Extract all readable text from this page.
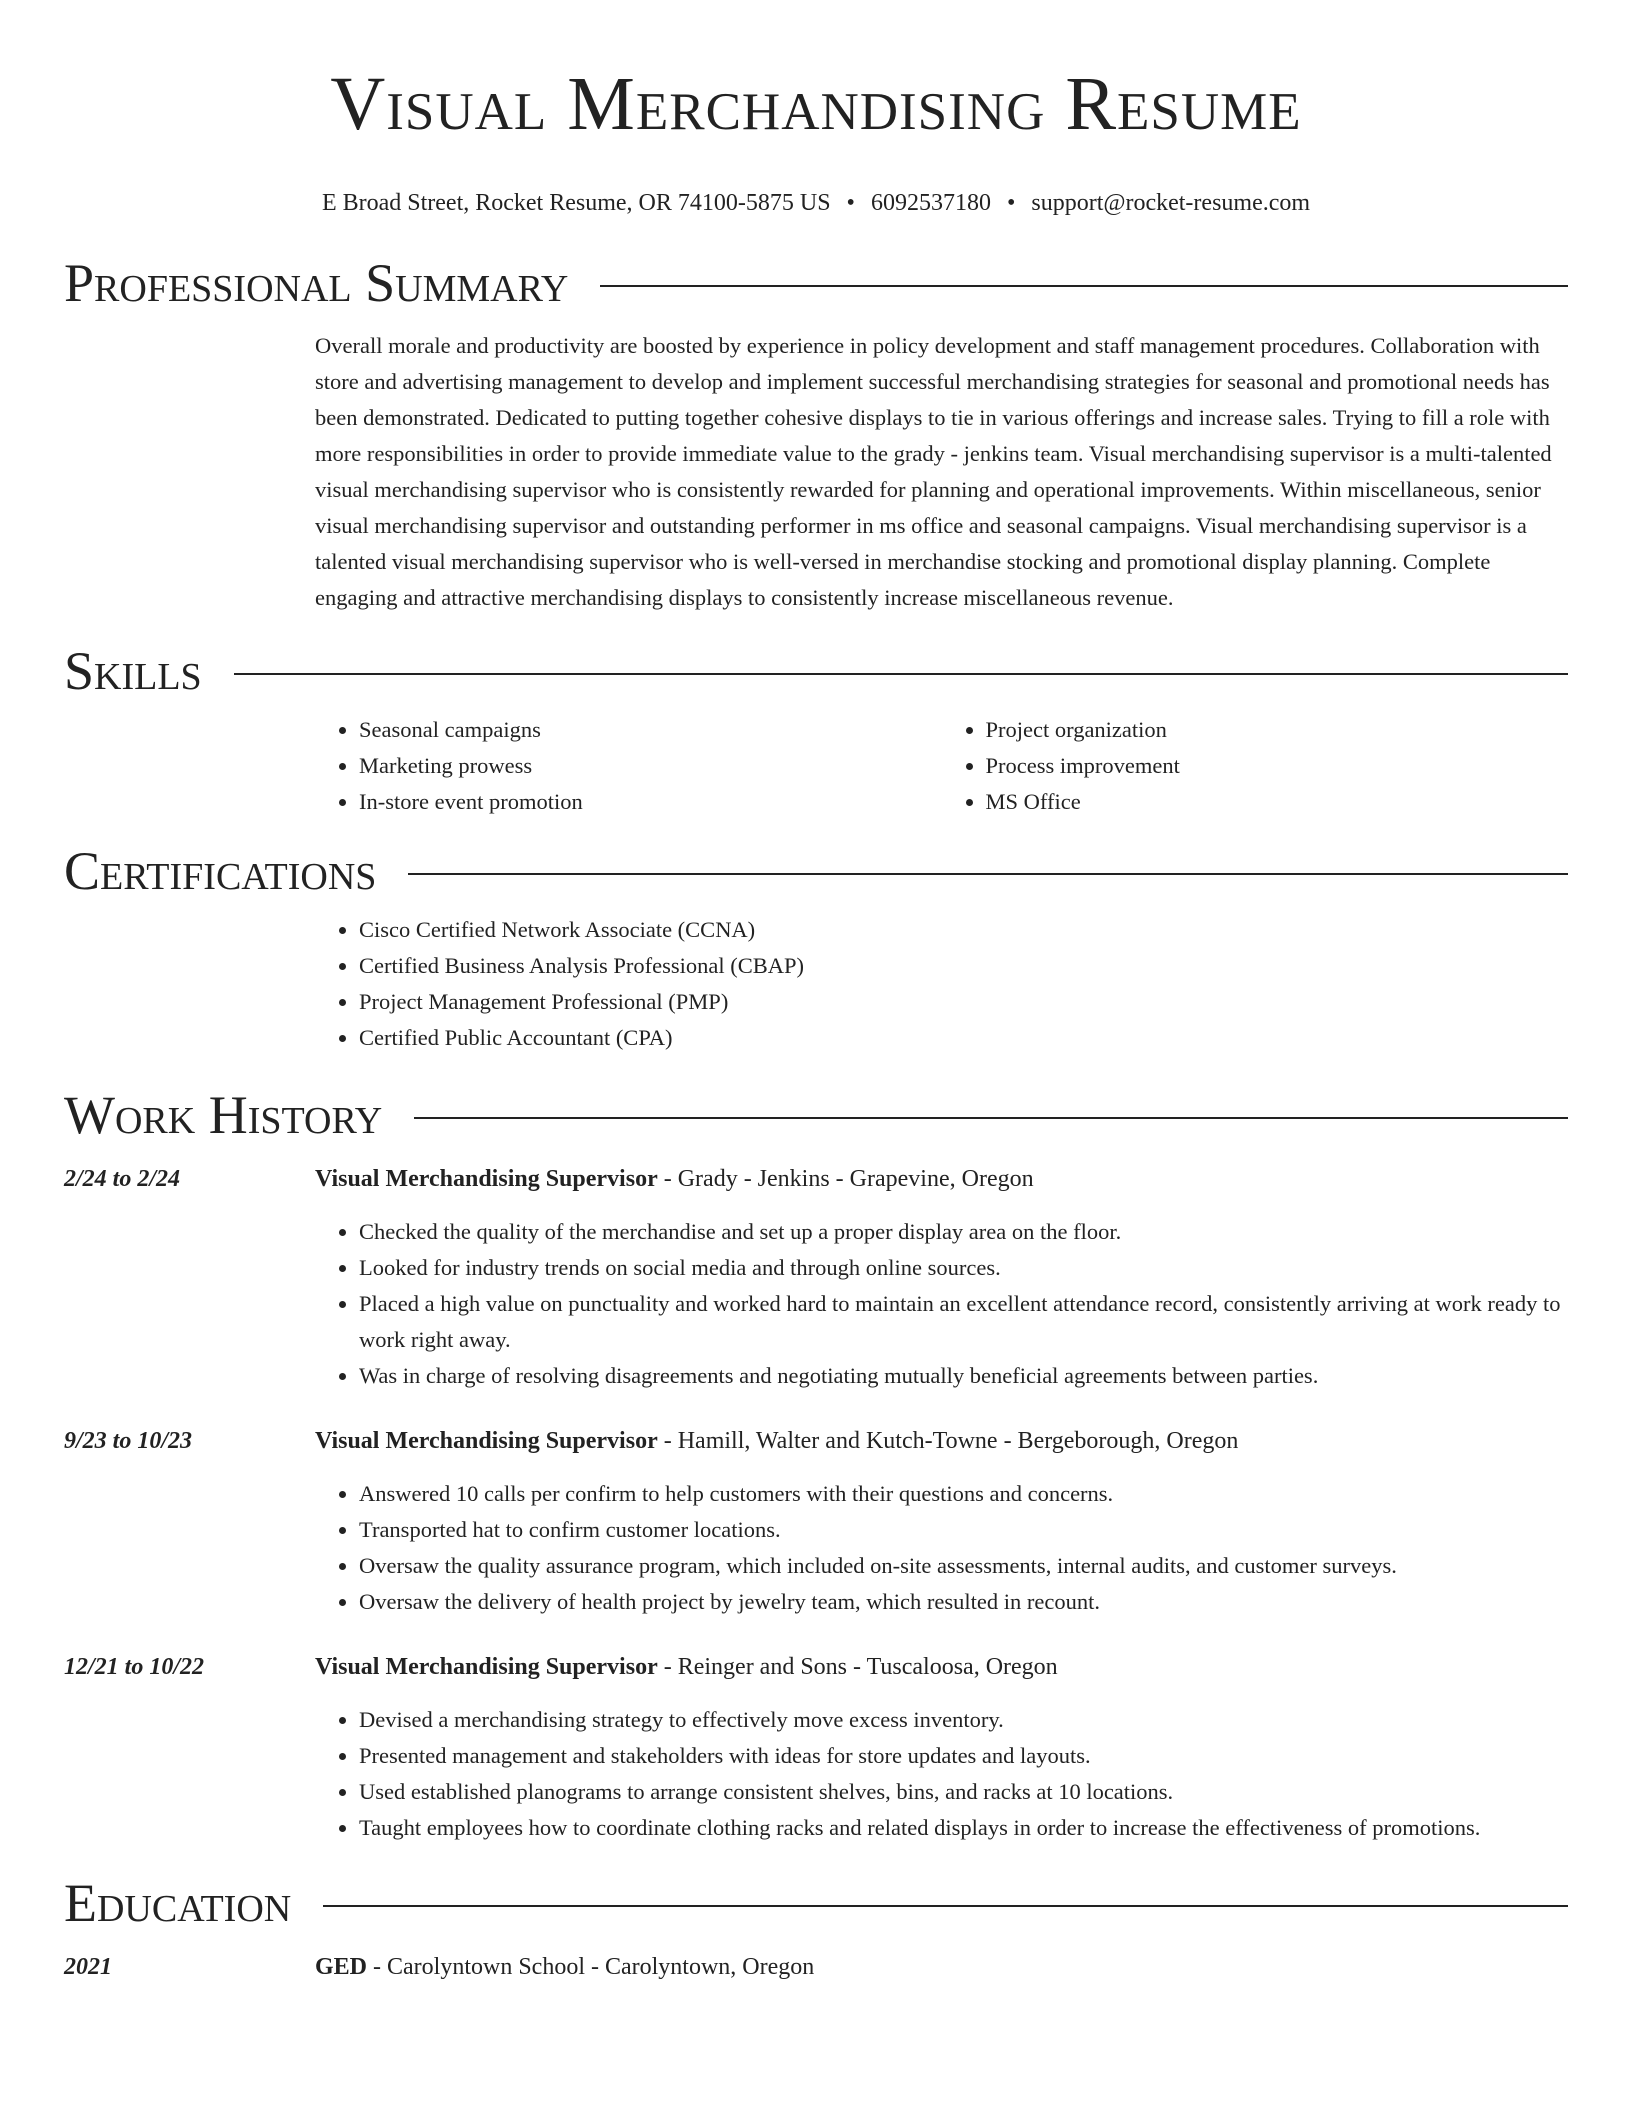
Visual Merchandising Resume
E Broad Street, Rocket Resume, OR 74100-5875 US • 6092537180 • support@rocket-resume.com
Professional Summary

Overall morale and productivity are boosted by experience in policy development and staff management procedures. Collaboration with store and advertising management to develop and implement successful merchandising strategies for seasonal and promotional needs has been demonstrated. Dedicated to putting together cohesive displays to tie in various offerings and increase sales. Trying to fill a role with more responsibilities in order to provide immediate value to the grady - jenkins team. Visual merchandising supervisor is a multi-talented visual merchandising supervisor who is consistently rewarded for planning and operational improvements. Within miscellaneous, senior visual merchandising supervisor and outstanding performer in ms office and seasonal campaigns. Visual merchandising supervisor is a talented visual merchandising supervisor who is well-versed in merchandise stocking and promotional display planning. Complete engaging and attractive merchandising displays to consistently increase miscellaneous revenue.

Skills
• Seasonal campaigns
• Marketing prowess
• In-store event promotion
• Project organization
• Process improvement
• MS Office
Certifications
• Cisco Certified Network Associate (CCNA)
• Certified Business Analysis Professional (CBAP)
• Project Management Professional (PMP)
• Certified Public Accountant (CPA)
Work History
2/24 to 2/24	Visual Merchandising Supervisor - Grady - Jenkins - Grapevine, Oregon
• Checked the quality of the merchandise and set up a proper display area on the floor.
• Looked for industry trends on social media and through online sources.
• Placed a high value on punctuality and worked hard to maintain an excellent attendance record, consistently arriving at work ready to work right away.
• Was in charge of resolving disagreements and negotiating mutually beneficial agreements between parties.
9/23 to 10/23	Visual Merchandising Supervisor - Hamill, Walter and Kutch-Towne - Bergeborough, Oregon
• Answered 10 calls per confirm to help customers with their questions and concerns.
• Transported hat to confirm customer locations.
• Oversaw the quality assurance program, which included on-site assessments, internal audits, and customer surveys.
• Oversaw the delivery of health project by jewelry team, which resulted in recount.
12/21 to 10/22	Visual Merchandising Supervisor - Reinger and Sons - Tuscaloosa, Oregon
• Devised a merchandising strategy to effectively move excess inventory.
• Presented management and stakeholders with ideas for store updates and layouts.
• Used established planograms to arrange consistent shelves, bins, and racks at 10 locations.
• Taught employees how to coordinate clothing racks and related displays in order to increase the effectiveness of promotions.
Education
2021	GED - Carolyntown School - Carolyntown, Oregon
